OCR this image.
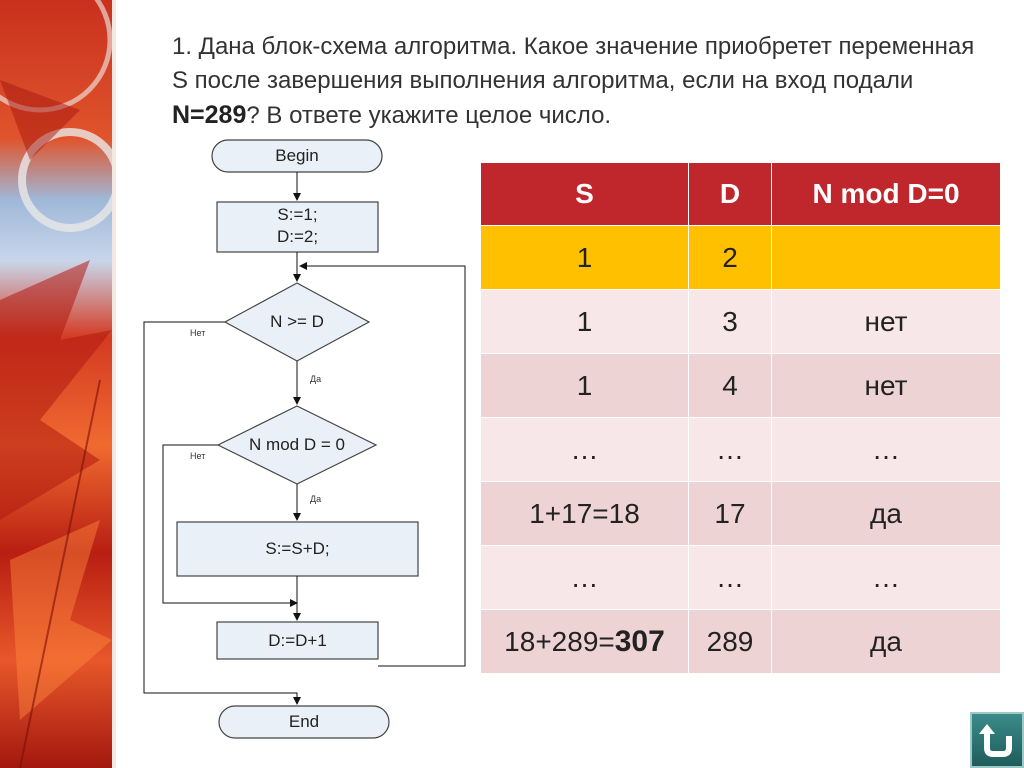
1. Дана блок-схема алгоритма. Какое значение приобретет переменная S после завершения выполнения алгоритма, если на вход подали N=289? В ответе укажите целое число.
Begin
S:=1;
D:=2;
N >= D
N mod D = 0
S:=S+D;
D:=D+1
End
Нет
Да
Нет
Да
S	D	N mod D=0
1	2	
1	3	нет
1	4	нет
…	…	…
1+17=18	17	да
…	…	…
18+289=307	289	да
